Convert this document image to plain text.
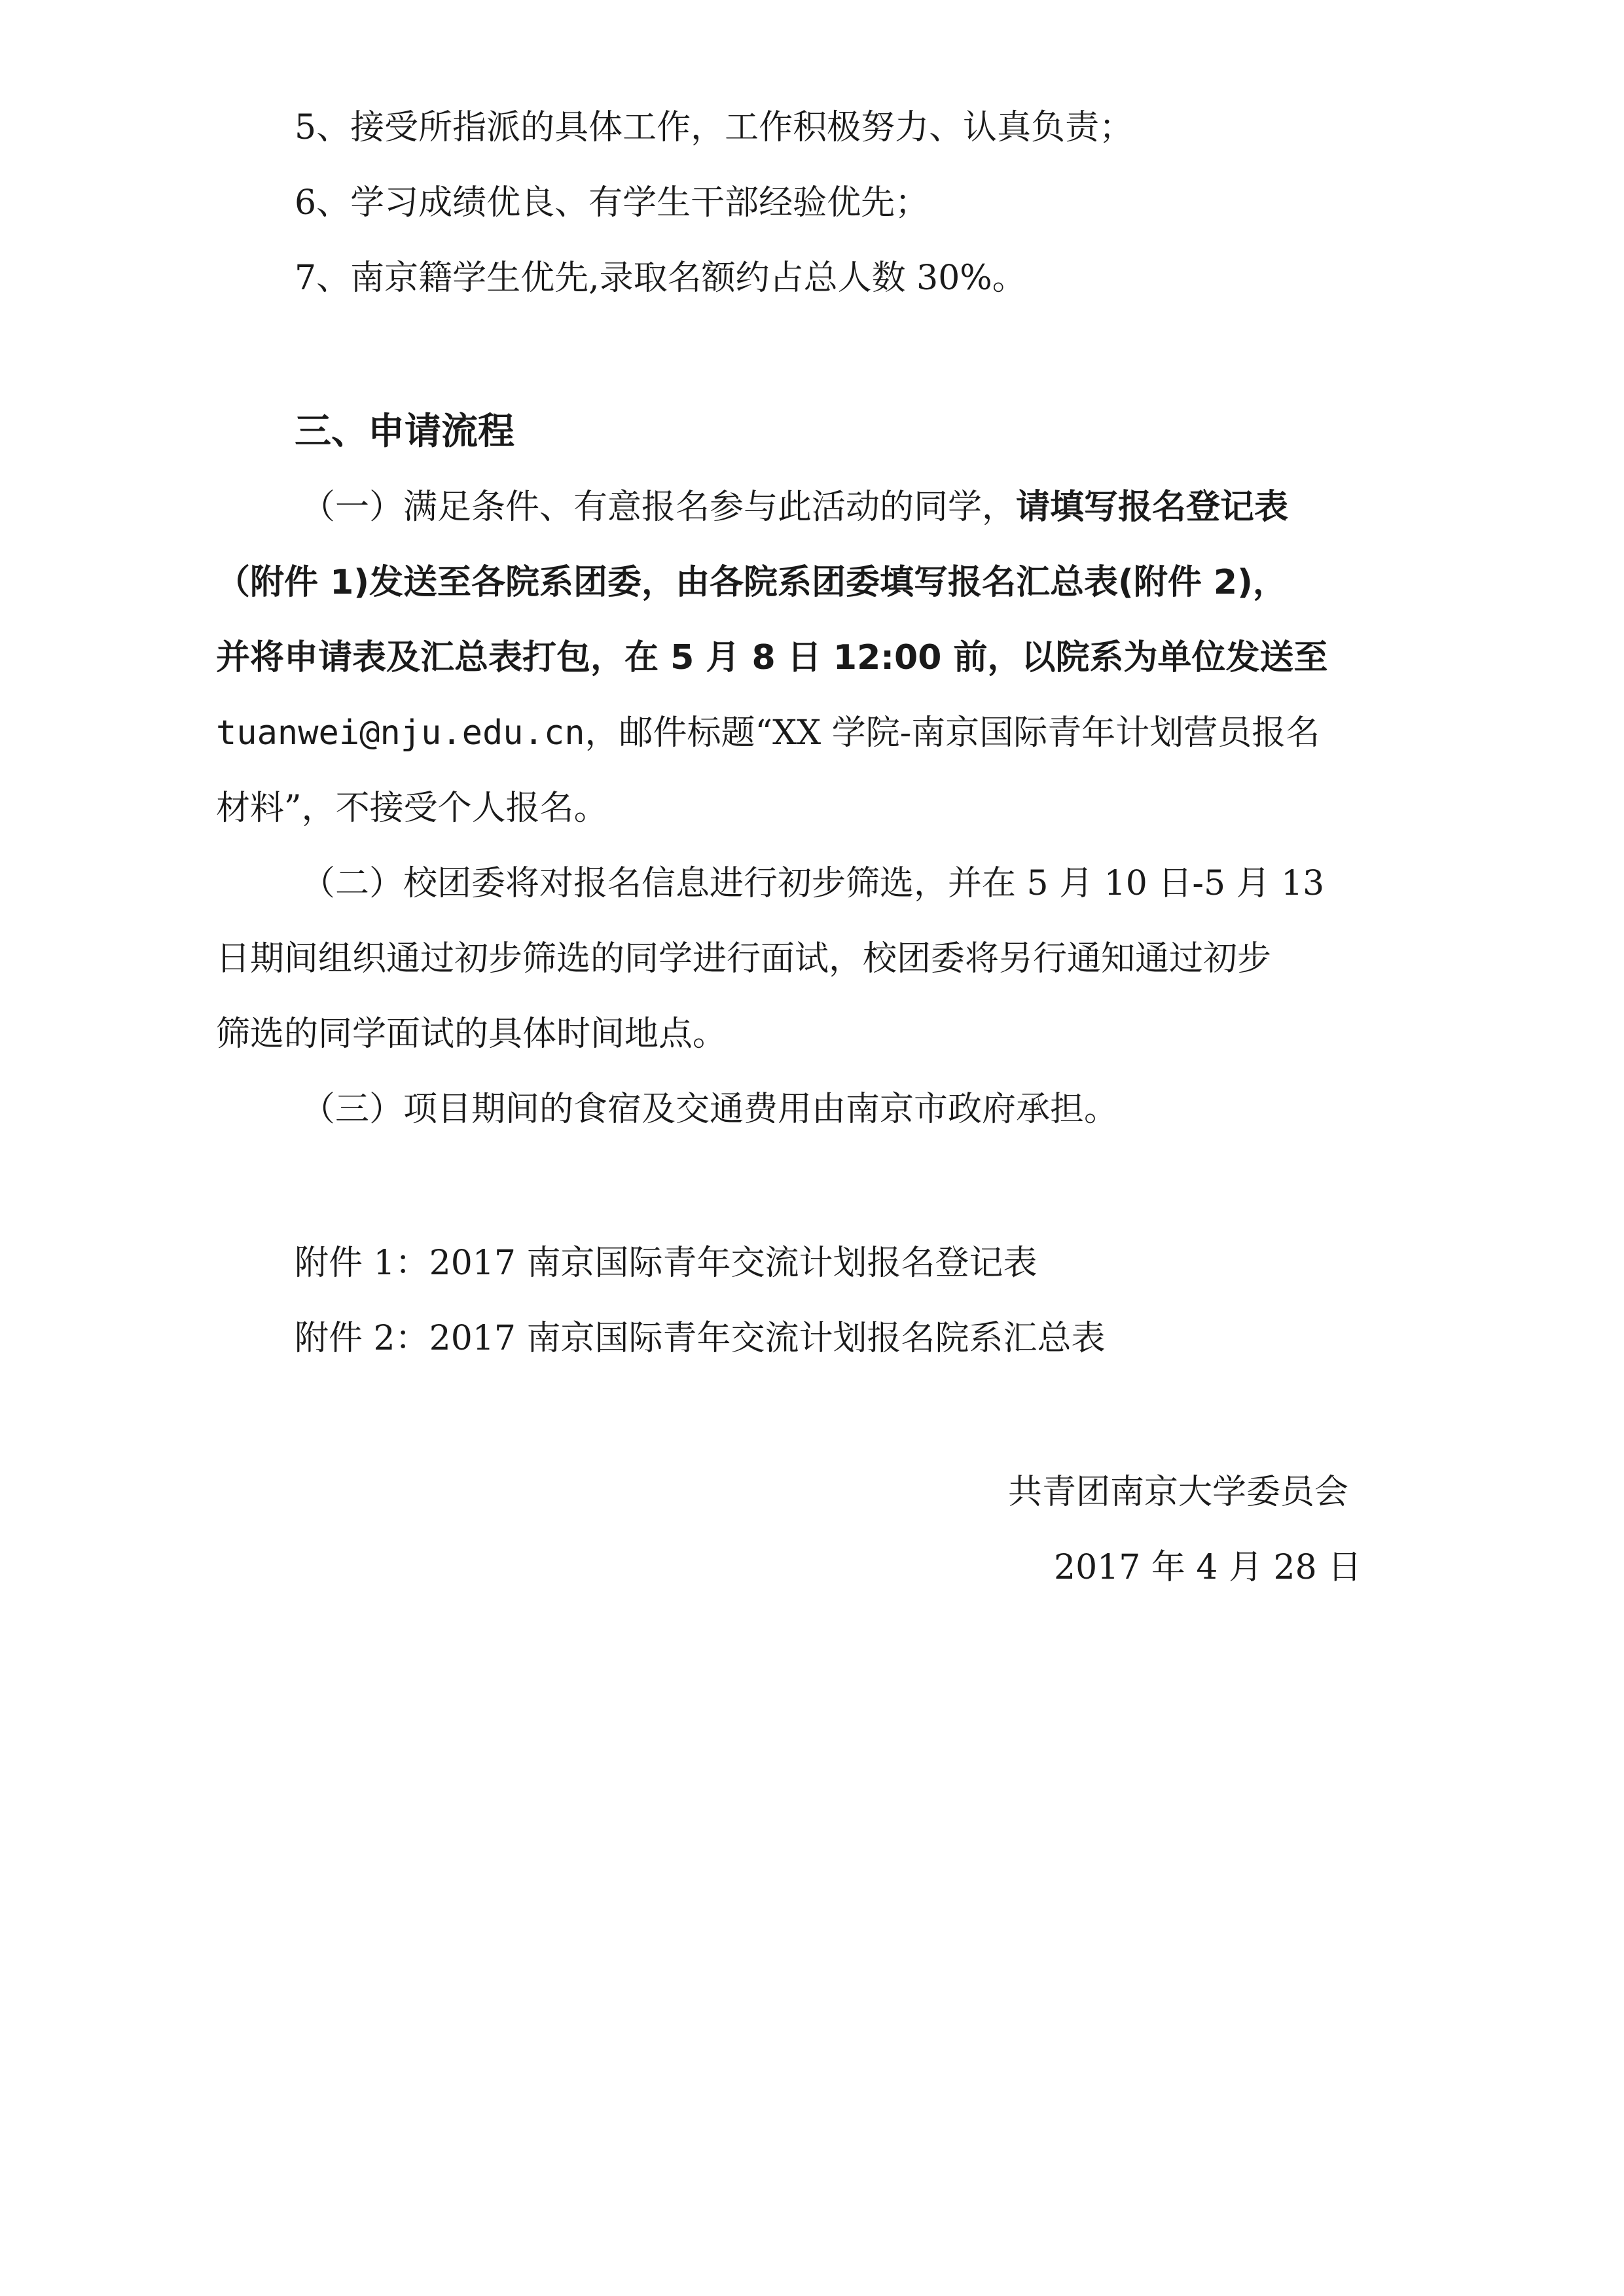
5、接受所指派的具体工作，工作积极努力、认真负责；
6、学习成绩优良、有学生干部经验优先；
7、南京籍学生优先,录取名额约占总人数 30%。
三、申请流程
（一）满足条件、有意报名参与此活动的同学，请填写报名登记表
（附件 1)发送至各院系团委，由各院系团委填写报名汇总表(附件 2)，
并将申请表及汇总表打包，在 5 月 8 日 12:00 前，以院系为单位发送至
tuanwei@nju.edu.cn，邮件标题“XX 学院-南京国际青年计划营员报名
材料”，不接受个人报名。
（二）校团委将对报名信息进行初步筛选，并在 5 月 10 日-5 月 13
日期间组织通过初步筛选的同学进行面试，校团委将另行通知通过初步
筛选的同学面试的具体时间地点。
（三）项目期间的食宿及交通费用由南京市政府承担。
附件 1：2017 南京国际青年交流计划报名登记表
附件 2：2017 南京国际青年交流计划报名院系汇总表
共青团南京大学委员会
2017 年 4 月 28 日
